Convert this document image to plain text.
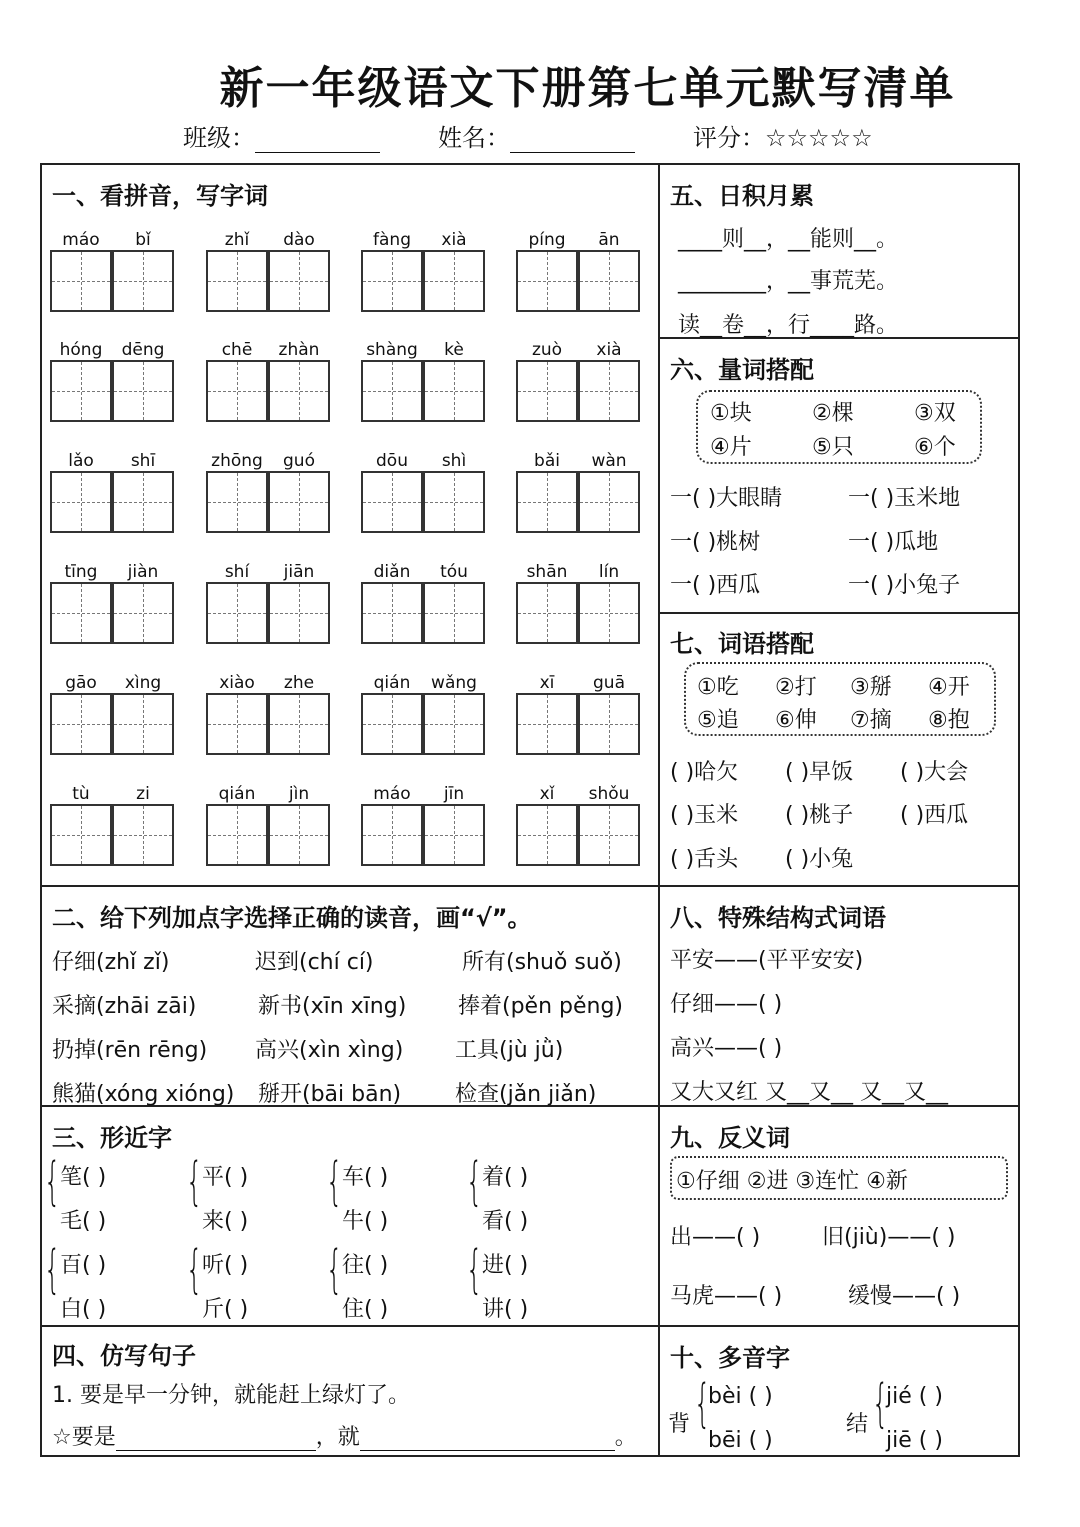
新一年级语文下册第七单元默写清单
班级：	姓名：	评分：☆☆☆☆☆
一、看拼音，写字词
máo	bǐ	zhǐ	dào	fàng	xià	píng	ān
hóng	dēng	chē	zhàn	shàng	kè	zuò	xià
lǎo	shī	zhōng	guó	dōu	shì	bǎi	wàn
tīng	jiàn	shí	jiān	diǎn	tóu	shān	lín
gāo	xìng	xiào	zhe	qián	wǎng	xī	guā
tù	zi	qián	jìn	máo	jīn	xǐ	shǒu
二、给下列加点字选择正确的读音，画“√”。
仔细(zhǐ zǐ)	迟到(chí cí)	所有(shuǒ suǒ)
采摘(zhāi zāi)	新书(xīn xīng) 捧着(pěn pěng)
扔掉(rēn rēng) 高兴(xìn xìng) 工具(jù jǜ)
熊猫(xóng xióng) 掰开(bāi bān) 检查(jǎn jiǎn)
三、形近字
{ 笔( )
毛( )
{ 平( )
来( )
{ 车( )
牛( )
{ 着( )
看( )
{ 百( )
白( )
{ 听( )
斤( )
{ 往( )
住( )
{ 进( )
讲( )
四、仿写句子
1. 要是早一分钟，就能赶上绿灯了。
☆要是	，就	。
五、日积月累
____则__，__能则__。
________，__事荒芜。
读__卷__，行____路。
六、量词搭配
①块	②棵	③双
④片	⑤只	⑥个
一( )大眼睛	一( )玉米地
一( )桃树	一( )瓜地
一( )西瓜	一( )小兔子
七、词语搭配
①吃 ②打 ③掰 ④开
⑤追 ⑥伸 ⑦摘 ⑧抱
( )哈欠 ( )早饭 ( )大会
( )玉米 ( )桃子 ( )西瓜
( )舌头 ( )小兔
八、特殊结构式词语
平安——(平平安安)
仔细——( )
高兴——( )
又大又红 又__又__ 又__又__
九、反义词
①仔细 ②进 ③连忙 ④新
出——( )	旧(jiù)——( )
马虎——( )	缓慢——( )
十、多音字
背 {
bèi ( )
bēi ( )
结 {
jié ( )
jiē ( )
